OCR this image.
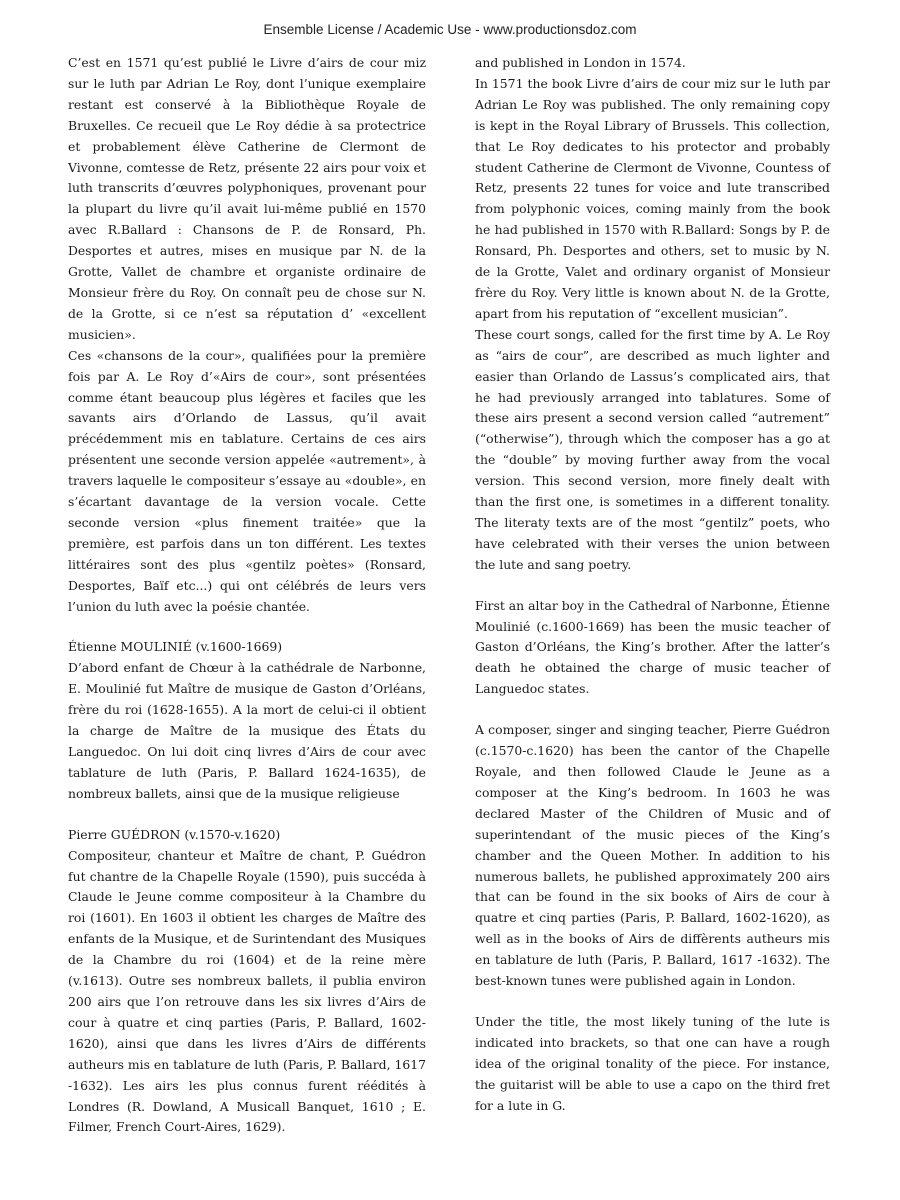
Ensemble License / Academic Use - www.productionsdoz.com

C’est en 1571 qu’est publié le Livre d’airs de cour miz sur le luth par Adrian Le Roy, dont l’unique exemplaire restant est conservé à la Bibliothèque Royale de Bruxelles. Ce recueil que Le Roy dédie à sa protectrice et probablement élève Catherine de Clermont de Vivonne, comtesse de Retz, présente 22 airs pour voix et luth transcrits d’œuvres polyphoniques, provenant pour la plupart du livre qu’il avait lui-même publié en 1570 avec R.Ballard : Chansons de P. de Ronsard, Ph. Desportes et autres, mises en musique par N. de la Grotte, Vallet de chambre et organiste ordinaire de Monsieur frère du Roy. On connaît peu de chose sur N. de la Grotte, si ce n’est sa réputation d’ «excellent musicien».

Ces «chansons de la cour», qualifiées pour la première fois par A. Le Roy d’«Airs de cour», sont présentées comme étant beaucoup plus légères et faciles que les savants airs d’Orlando de Lassus, qu’il avait précédemment mis en tablature. Certains de ces airs présentent une seconde version appelée «autrement», à travers laquelle le compositeur s’essaye au «double», en s’écartant davantage de la version vocale. Cette seconde version «plus finement traitée» que la première, est parfois dans un ton différent. Les textes littéraires sont des plus «gentilz poètes» (Ronsard, Desportes, Baïf etc...) qui ont célébrés de leurs vers l’union du luth avec la poésie chantée.

Étienne MOULINIÉ (v.1600-1669)

D’abord enfant de Chœur à la cathédrale de Narbonne, E. Moulinié fut Maître de musique de Gaston d’Orléans, frère du roi (1628-1655). A la mort de celui-ci il obtient la charge de Maître de la musique des États du Languedoc. On lui doit cinq livres d’Airs de cour avec tablature de luth (Paris, P. Ballard 1624-1635), de nombreux ballets, ainsi que de la musique religieuse

Pierre GUÉDRON (v.1570-v.1620)

Compositeur, chanteur et Maître de chant, P. Guédron fut chantre de la Chapelle Royale (1590), puis succéda à Claude le Jeune comme compositeur à la Chambre du roi (1601). En 1603 il obtient les charges de Maître des enfants de la Musique, et de Surintendant des Musiques de la Chambre du roi (1604) et de la reine mère (v.1613). Outre ses nombreux ballets, il publia environ 200 airs que l’on retrouve dans les six livres d’Airs de cour à quatre et cinq parties (Paris, P. Ballard, 1602-1620), ainsi que dans les livres d’Airs de différents autheurs mis en tablature de luth (Paris, P. Ballard, 1617 -1632). Les airs les plus connus furent réédités à Londres (R. Dowland, A Musicall Banquet, 1610 ; E. Filmer, French Court-Aires, 1629).

and published in London in 1574.

In 1571 the book Livre d’airs de cour miz sur le luth par Adrian Le Roy was published. The only remaining copy is kept in the Royal Library of Brussels. This collection, that Le Roy dedicates to his protector and probably student Catherine de Clermont de Vivonne, Countess of Retz, presents 22 tunes for voice and lute transcribed from polyphonic voices, coming mainly from the book he had published in 1570 with R.Ballard: Songs by P. de Ronsard, Ph. Desportes and others, set to music by N. de la Grotte, Valet and ordinary organist of Monsieur frère du Roy. Very little is known about N. de la Grotte, apart from his reputation of “excellent musician”.

These court songs, called for the first time by A. Le Roy as “airs de cour”, are described as much lighter and easier than Orlando de Lassus’s complicated airs, that he had previously arranged into tablatures. Some of these airs present a second version called “autrement” (“otherwise”), through which the composer has a go at the “double” by moving further away from the vocal version. This second version, more finely dealt with than the first one, is sometimes in a different tonality. The literaty texts are of the most “gentilz” poets, who have celebrated with their verses the union between the lute and sang poetry.

First an altar boy in the Cathedral of Narbonne, Étienne Moulinié (c.1600-1669) has been the music teacher of Gaston d’Orléans, the King’s brother. After the latter’s death he obtained the charge of music teacher of Languedoc states.

A composer, singer and singing teacher, Pierre Guédron (c.1570-c.1620) has been the cantor of the Chapelle Royale, and then followed Claude le Jeune as a composer at the King’s bedroom. In 1603 he was declared Master of the Children of Music and of superintendant of the music pieces of the King’s chamber and the Queen Mother. In addition to his numerous ballets, he published approximately 200 airs that can be found in the six books of Airs de cour à quatre et cinq parties (Paris, P. Ballard, 1602-1620), as well as in the books of Airs de diffèrents autheurs mis en tablature de luth (Paris, P. Ballard, 1617 -1632). The best-known tunes were published again in London.

Under the title, the most likely tuning of the lute is indicated into brackets, so that one can have a rough idea of the original tonality of the piece. For instance, the guitarist will be able to use a capo on the third fret for a lute in G.
